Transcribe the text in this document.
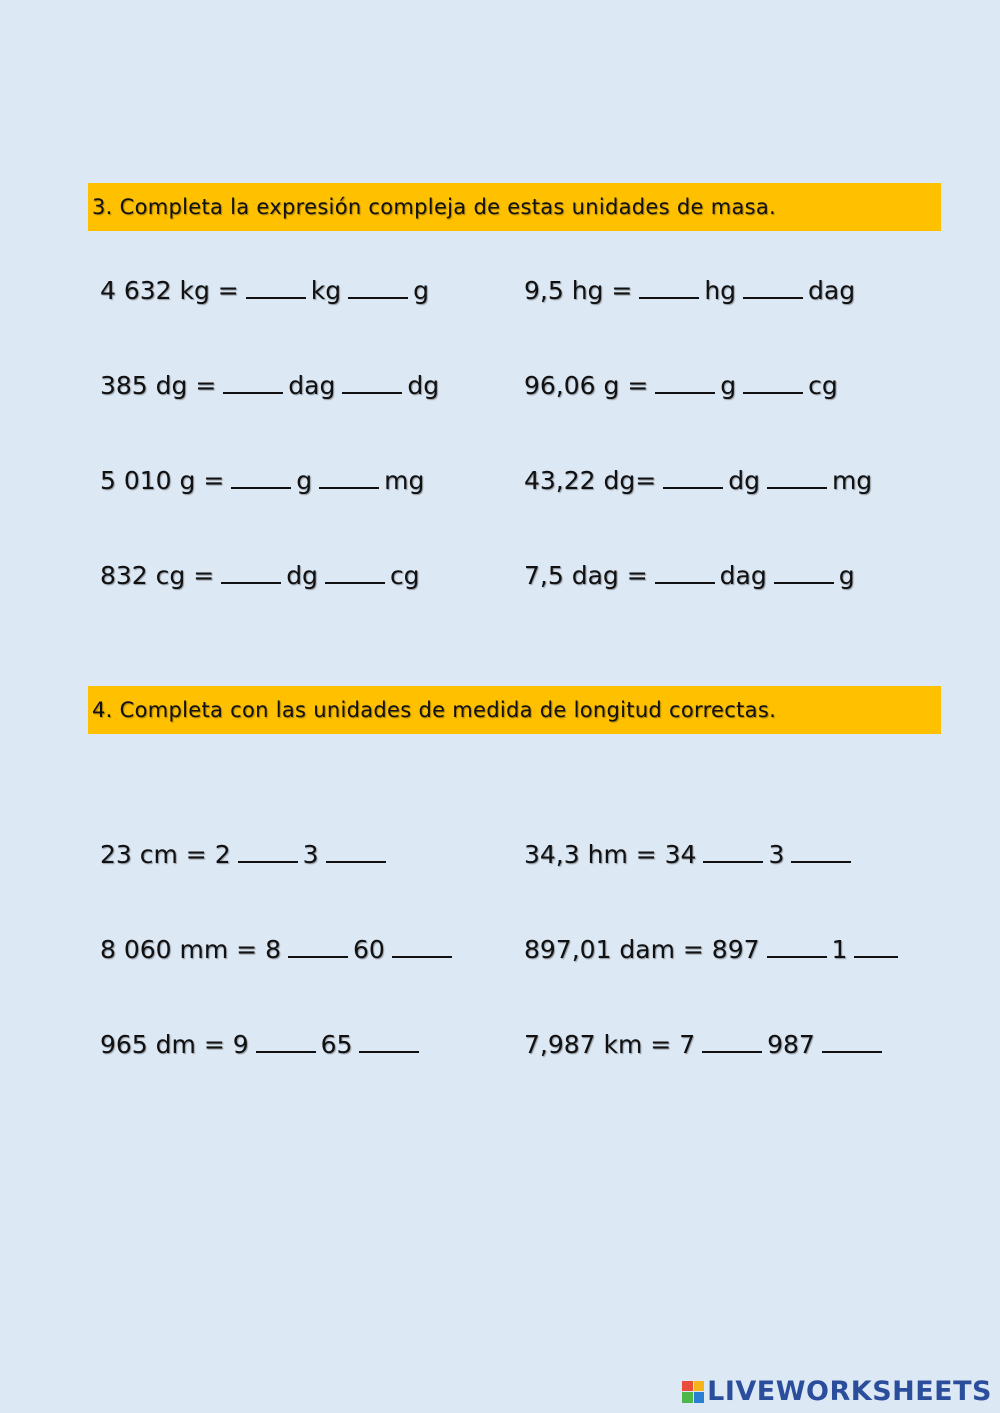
3. Completa la expresión compleja de estas unidades de masa.
4 632 kg =	kg	g
385 dg =	dag	dg
5 010 g =	g	mg
832 cg =	dg	cg
9,5 hg =	hg	dag
96,06 g =	g	cg
43,22 dg=	dg	mg
7,5 dag =	dag	g
4. Completa con las unidades de medida de longitud correctas.
23 cm = 2	3
8 060 mm = 8	60
965 dm = 9	65
34,3 hm = 34	3
897,01 dam = 897	1
7,987 km = 7	987
LIVEWORKSHEETS
